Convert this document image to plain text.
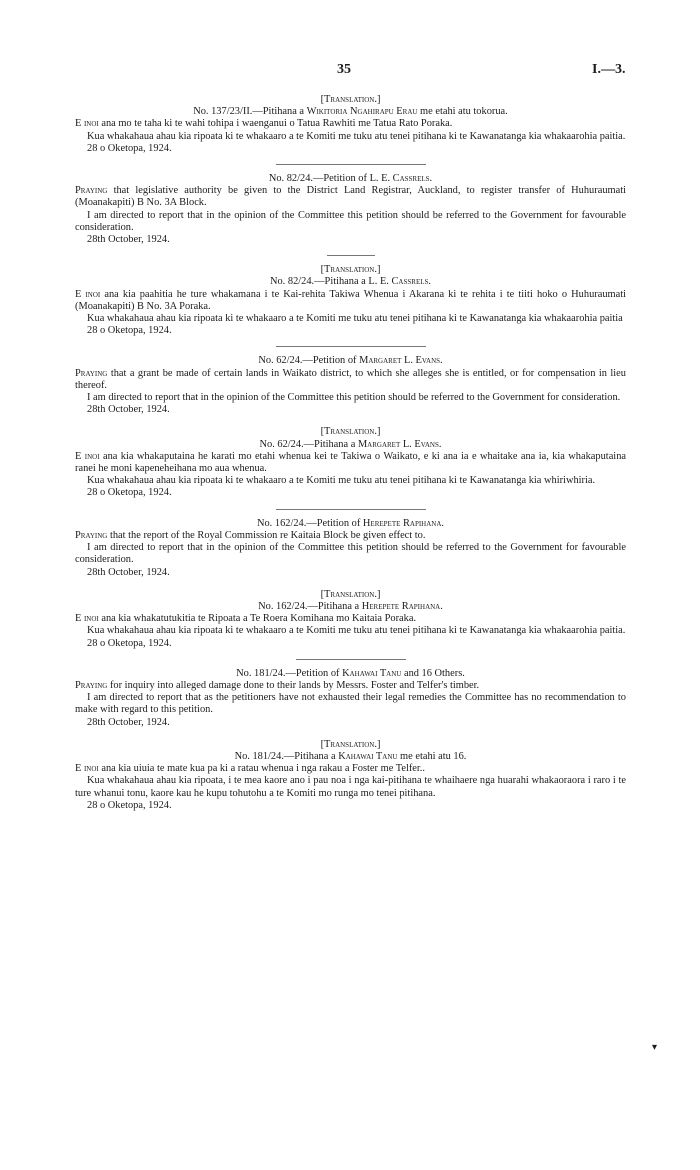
35	I.—3.
[Translation.]
No. 137/23/II.—Pitihana a Wikitoria Ngahirapu Erau me etahi atu tokorua.

E inoi ana mo te taha ki te wahi tohipa i waenganui o Tatua Rawhiti me Tatua Rato Poraka.

Kua whakahaua ahau kia ripoata ki te whakaaro a te Komiti me tuku atu tenei pitihana ki te Kawanatanga kia whakaarohia paitia.

28 o Oketopa, 1924.
No. 82/24.—Petition of L. E. Cassrels.

Praying that legislative authority be given to the District Land Registrar, Auckland, to register transfer of Huhuraumati (Moanakapiti) B No. 3A Block.

I am directed to report that in the opinion of the Committee this petition should be referred to the Government for favourable consideration.

28th October, 1924.
[Translation.]
No. 82/24.—Pitihana a L. E. Cassrels.

E inoi ana kia paahitia he ture whakamana i te Kai-rehita Takiwa Whenua i Akarana ki te rehita i te tiiti hoko o Huhuraumati (Moanakapiti) B No. 3A Poraka.

Kua whakahaua ahau kia ripoata ki te whakaaro a te Komiti me tuku atu tenei pitihana ki te Kawanatanga kia whakaarohia paitia

28 o Oketopa, 1924.
No. 62/24.—Petition of Margaret L. Evans.

Praying that a grant be made of certain lands in Waikato district, to which she alleges she is entitled, or for compensation in lieu thereof.

I am directed to report that in the opinion of the Committee this petition should be referred to the Government for consideration.

28th October, 1924.
[Translation.]
No. 62/24.—Pitihana a Margaret L. Evans.

E inoi ana kia whakaputaina he karati mo etahi whenua kei te Takiwa o Waikato, e ki ana ia e whaitake ana ia, kia whakaputaina ranei he moni kapeneheihana mo aua whenua.

Kua whakahaua ahau kia ripoata ki te whakaaro a te Komiti me tuku atu tenei pitihana ki te Kawanatanga kia whiriwhiria.

28 o Oketopa, 1924.
No. 162/24.—Petition of Herepete Rapihana.

Praying that the report of the Royal Commission re Kaitaia Block be given effect to.

I am directed to report that in the opinion of the Committee this petition should be referred to the Government for favourable consideration.

28th October, 1924.
[Translation.]
No. 162/24.—Pitihana a Herepete Rapihana.

E inoi ana kia whakatutukitia te Ripoata a Te Roera Komihana mo Kaitaia Poraka.

Kua whakahaua ahau kia ripoata ki te whakaaro a te Komiti me tuku atu tenei pitihana ki te Kawanatanga kia whakaarohia paitia.

28 o Oketopa, 1924.
No. 181/24.—Petition of Kahawai Tanu and 16 Others.

Praying for inquiry into alleged damage done to their lands by Messrs. Foster and Telfer's timber.

I am directed to report that as the petitioners have not exhausted their legal remedies the Committee has no recommendation to make with regard to this petition.

28th October, 1924.
[Translation.]
No. 181/24.—Pitihana a Kahawai Tanu me etahi atu 16.

E inoi ana kia uiuia te mate kua pa ki a ratau whenua i nga rakau a Foster me Telfer..

Kua whakahaua ahau kia ripoata, i te mea kaore ano i pau noa i nga kai-pitihana te whaihaere nga huarahi whakaoraora i raro i te ture whanui tonu, kaore kau he kupu tohutohu a te Komiti mo runga mo tenei pitihana.

28 o Oketopa, 1924.
▾
